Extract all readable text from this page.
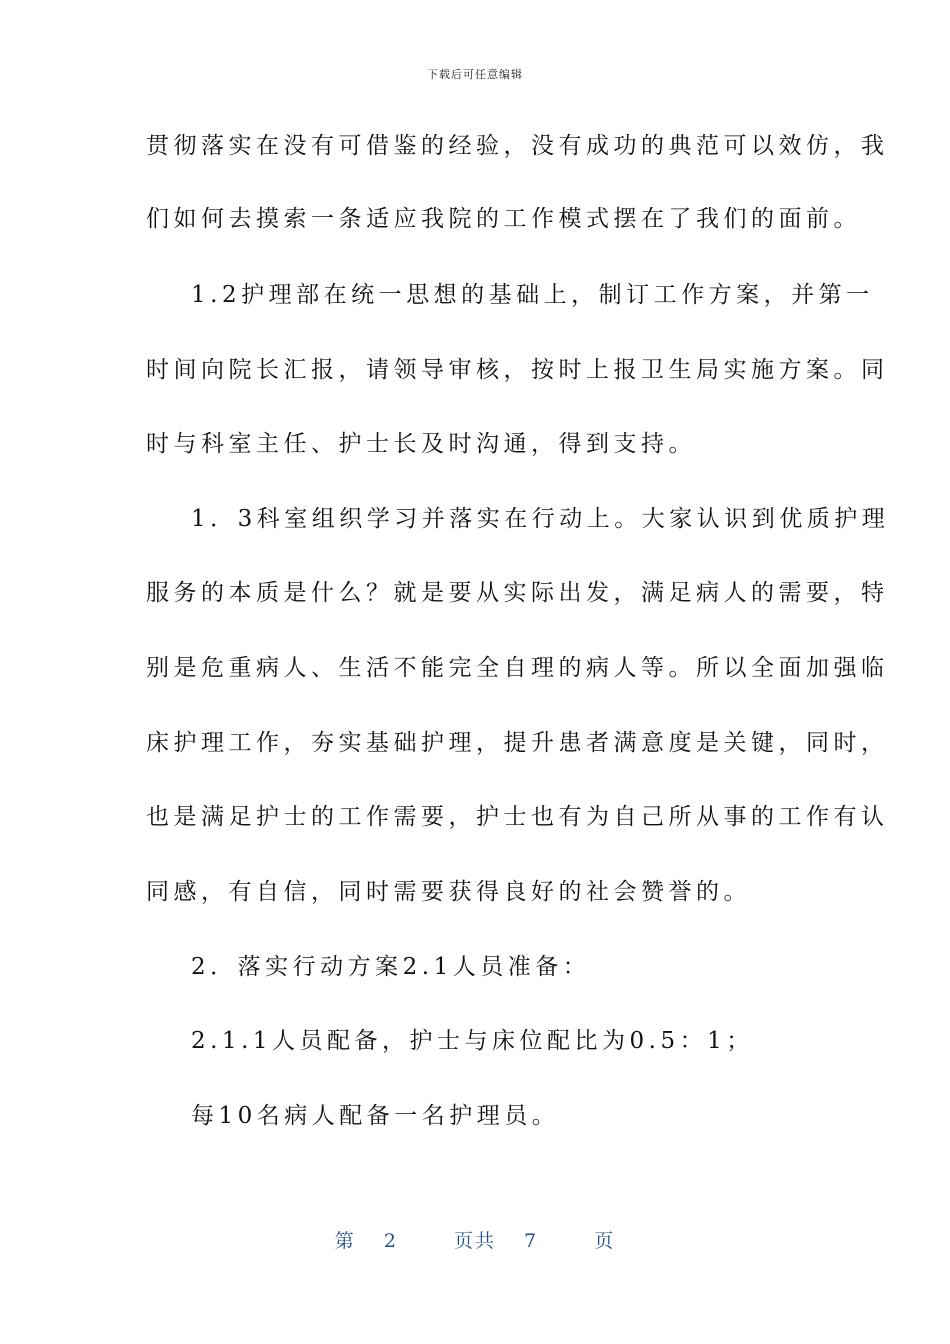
下载后可任意编辑
贯彻落实在没有可借鉴的经验，没有成功的典范可以效仿，我
们如何去摸索一条适应我院的工作模式摆在了我们的面前。
1.2护理部在统一思想的基础上，制订工作方案，并第一
时间向院长汇报，请领导审核，按时上报卫生局实施方案。同
时与科室主任、护士长及时沟通，得到支持。
1．3科室组织学习并落实在行动上。大家认识到优质护理
服务的本质是什么？就是要从实际出发，满足病人的需要，特
别是危重病人、生活不能完全自理的病人等。所以全面加强临
床护理工作，夯实基础护理，提升患者满意度是关键，同时，
也是满足护士的工作需要，护士也有为自己所从事的工作有认
同感，有自信，同时需要获得良好的社会赞誉的。
2．落实行动方案2.1人员准备：
2.1.1人员配备，护士与床位配比为0.5：1；
每10名病人配备一名护理员。
第 2  页共 7  页
